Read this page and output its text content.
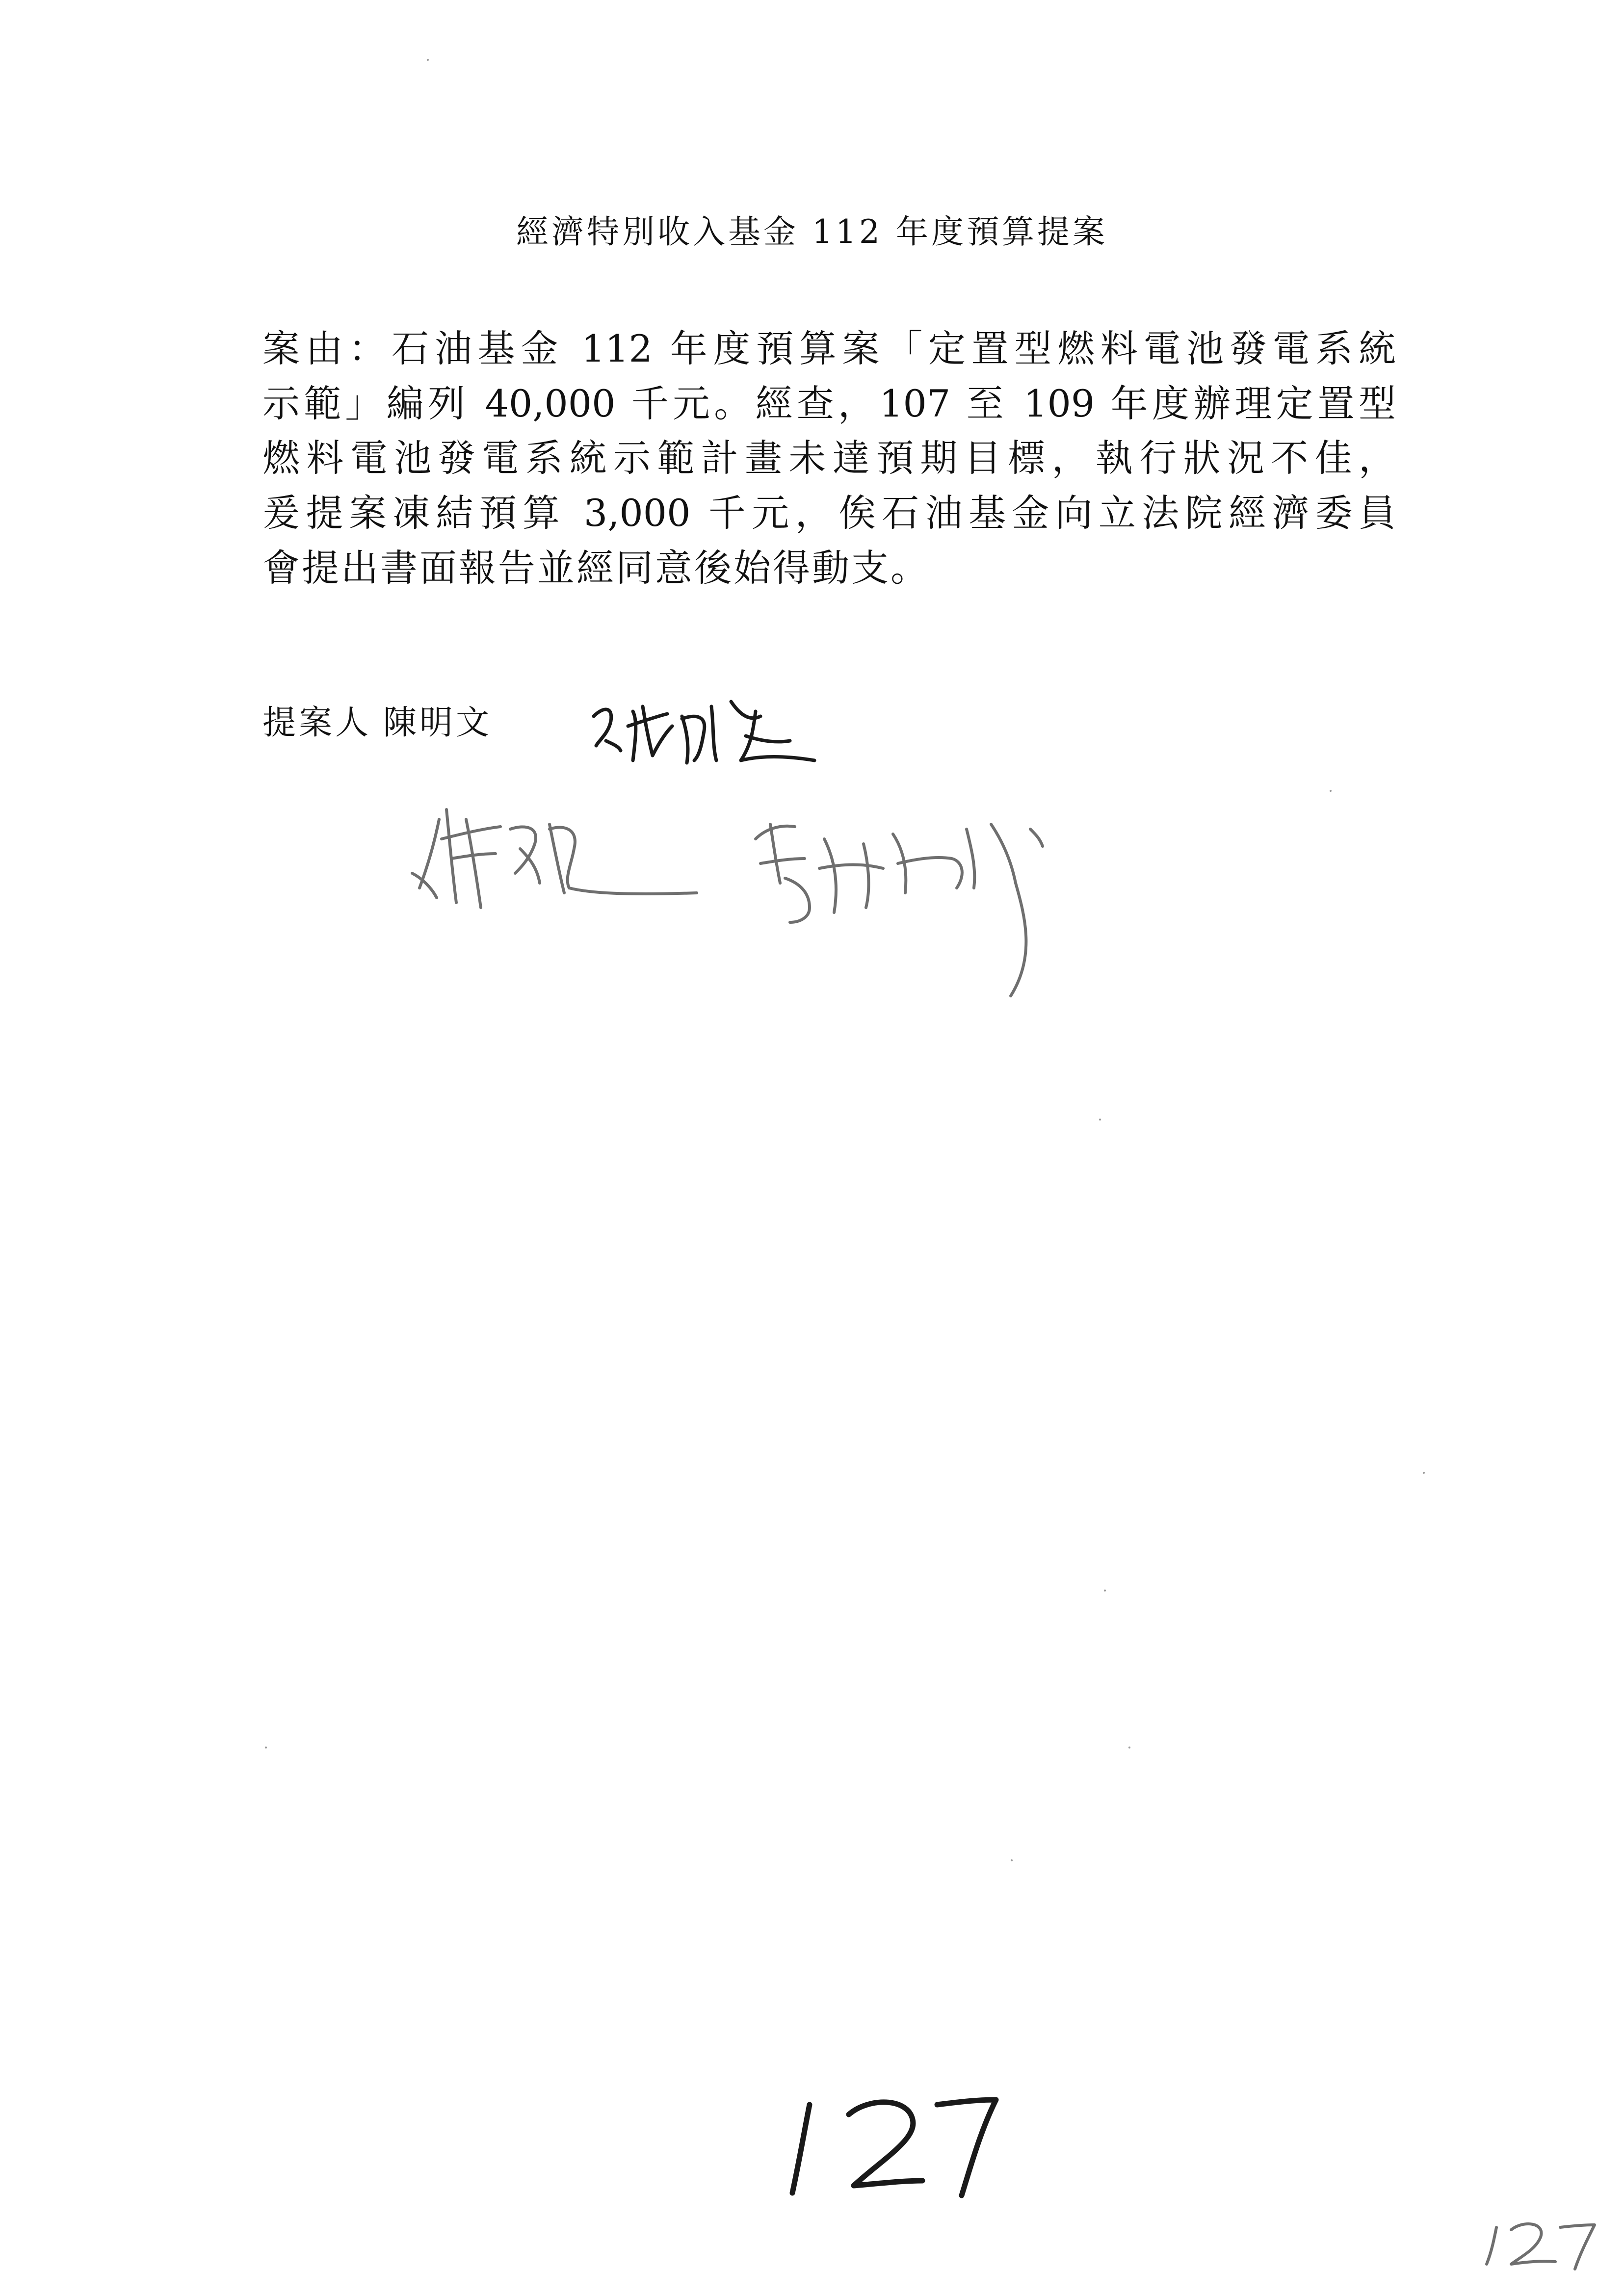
經濟特別收入基金 112 年度預算提案
案由：石油基金 112 年度預算案「定置型燃料電池發電系統
示範」編列 40,000 千元。經查，107 至 109 年度辦理定置型
燃料電池發電系統示範計畫未達預期目標，執行狀況不佳，
爰提案凍結預算 3,000 千元，俟石油基金向立法院經濟委員
會提出書面報告並經同意後始得動支。
提案人 陳明文
